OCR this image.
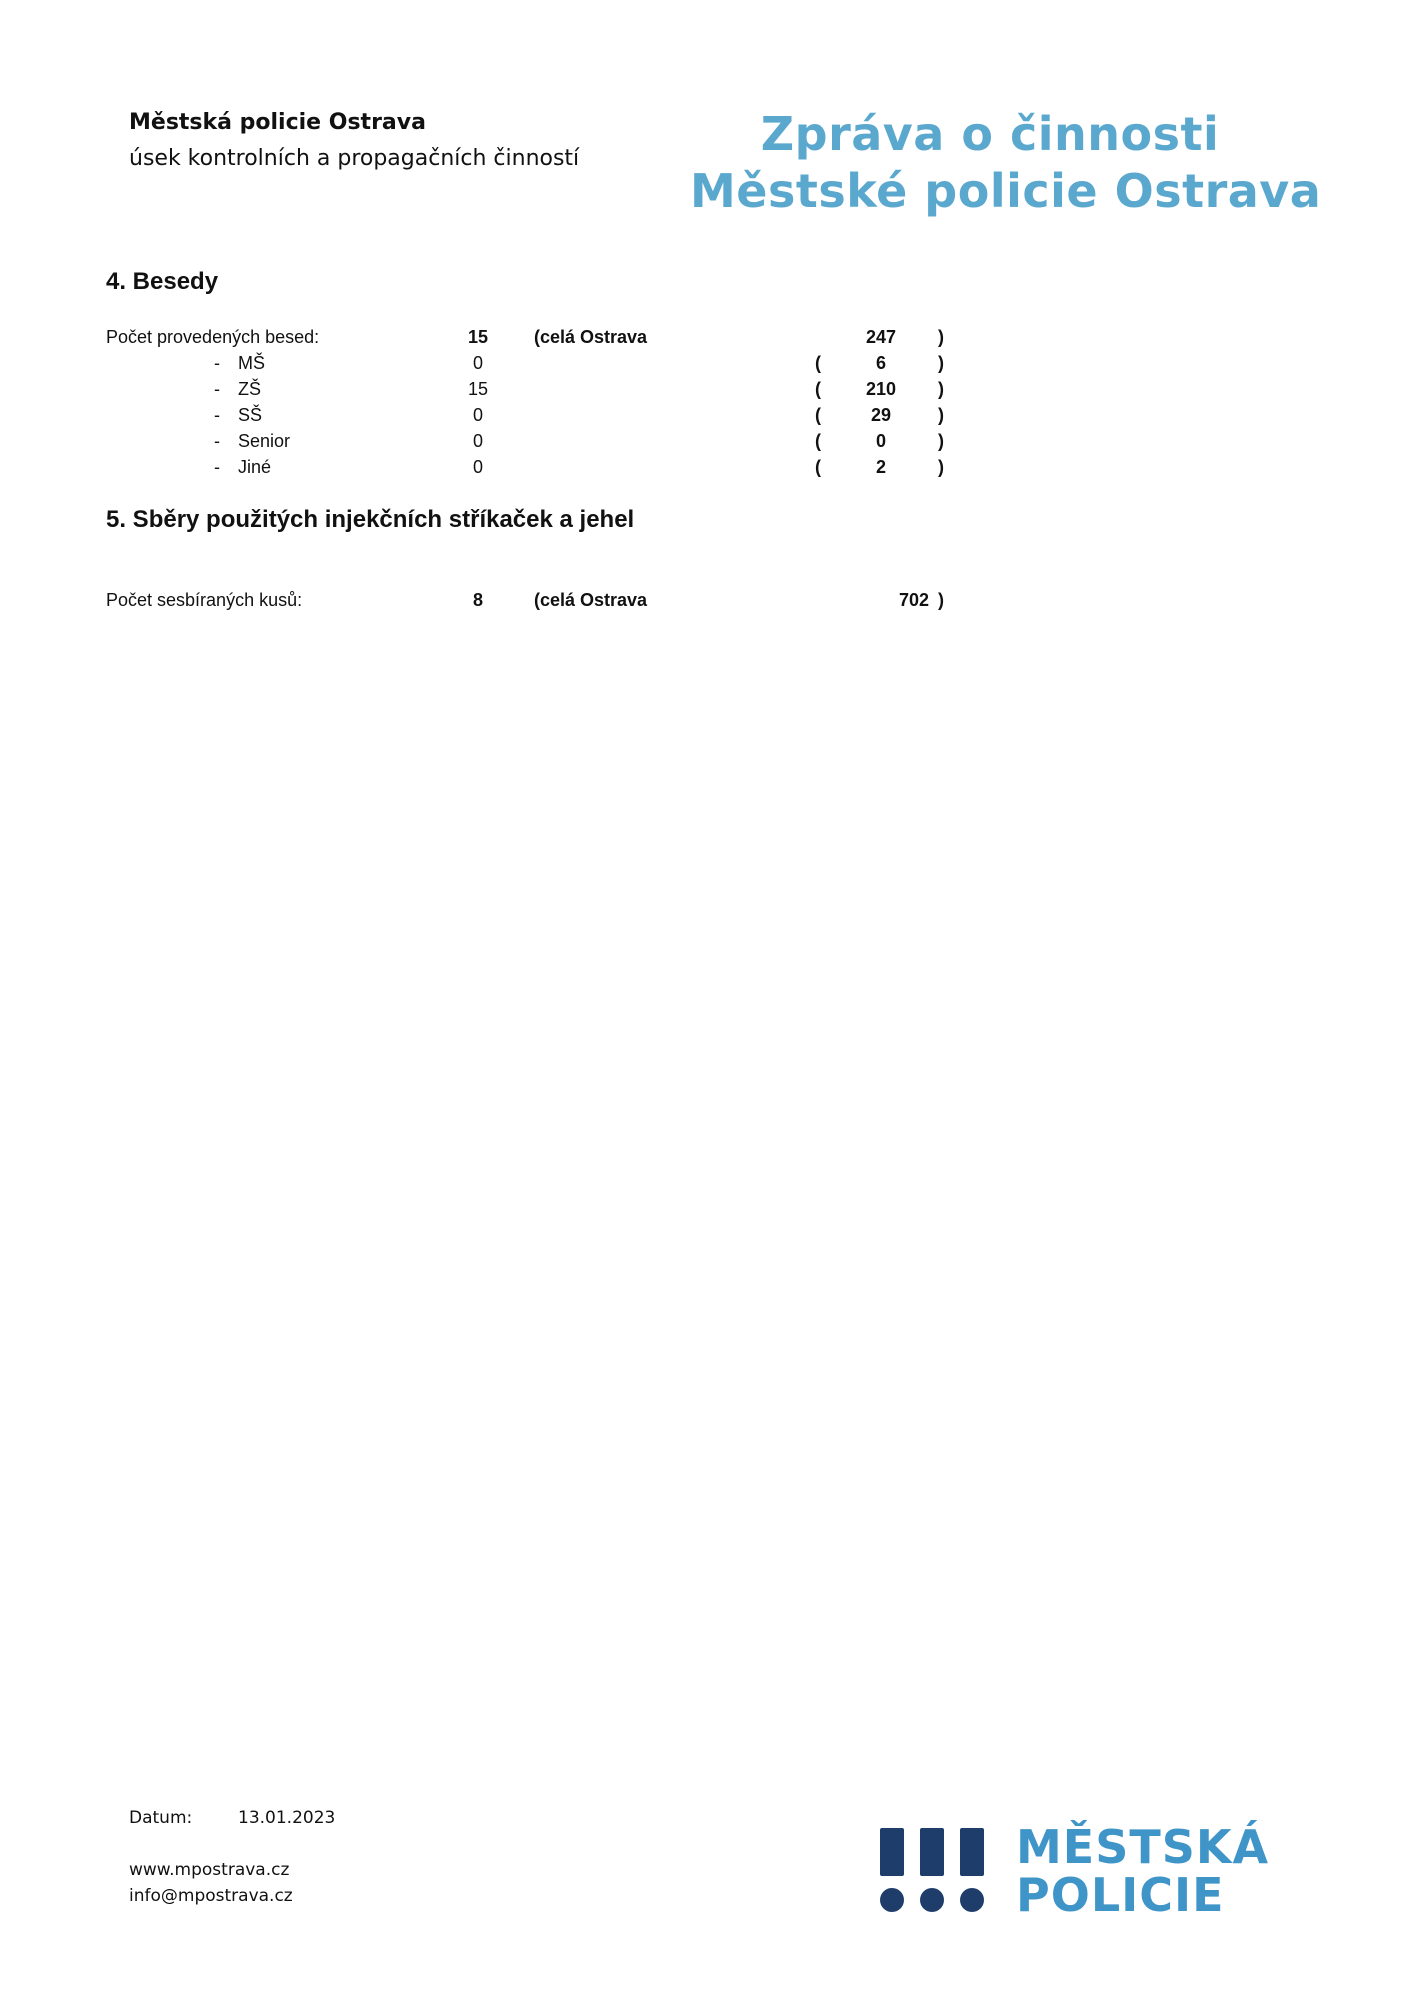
Městská policie Ostrava
úsek kontrolních a propagačních činností	Zpráva o činnosti
Městské policie Ostrava
4. Besedy
Počet provedených besed:	15	(celá Ostrava	247	)
- MŠ	0	(	6	)
- ZŠ	15	(	210	)
- SŠ	0	(	29	)
- Senior	0	(	0	)
- Jiné	0	(	2	)
5. Sběry použitých injekčních stříkaček a jehel
Počet sesbíraných kusů:	8	(celá Ostrava	702 )
Datum:	13.01.2023
www.mpostrava.cz
info@mpostrava.cz
MĚSTSKÁ
POLICIE
